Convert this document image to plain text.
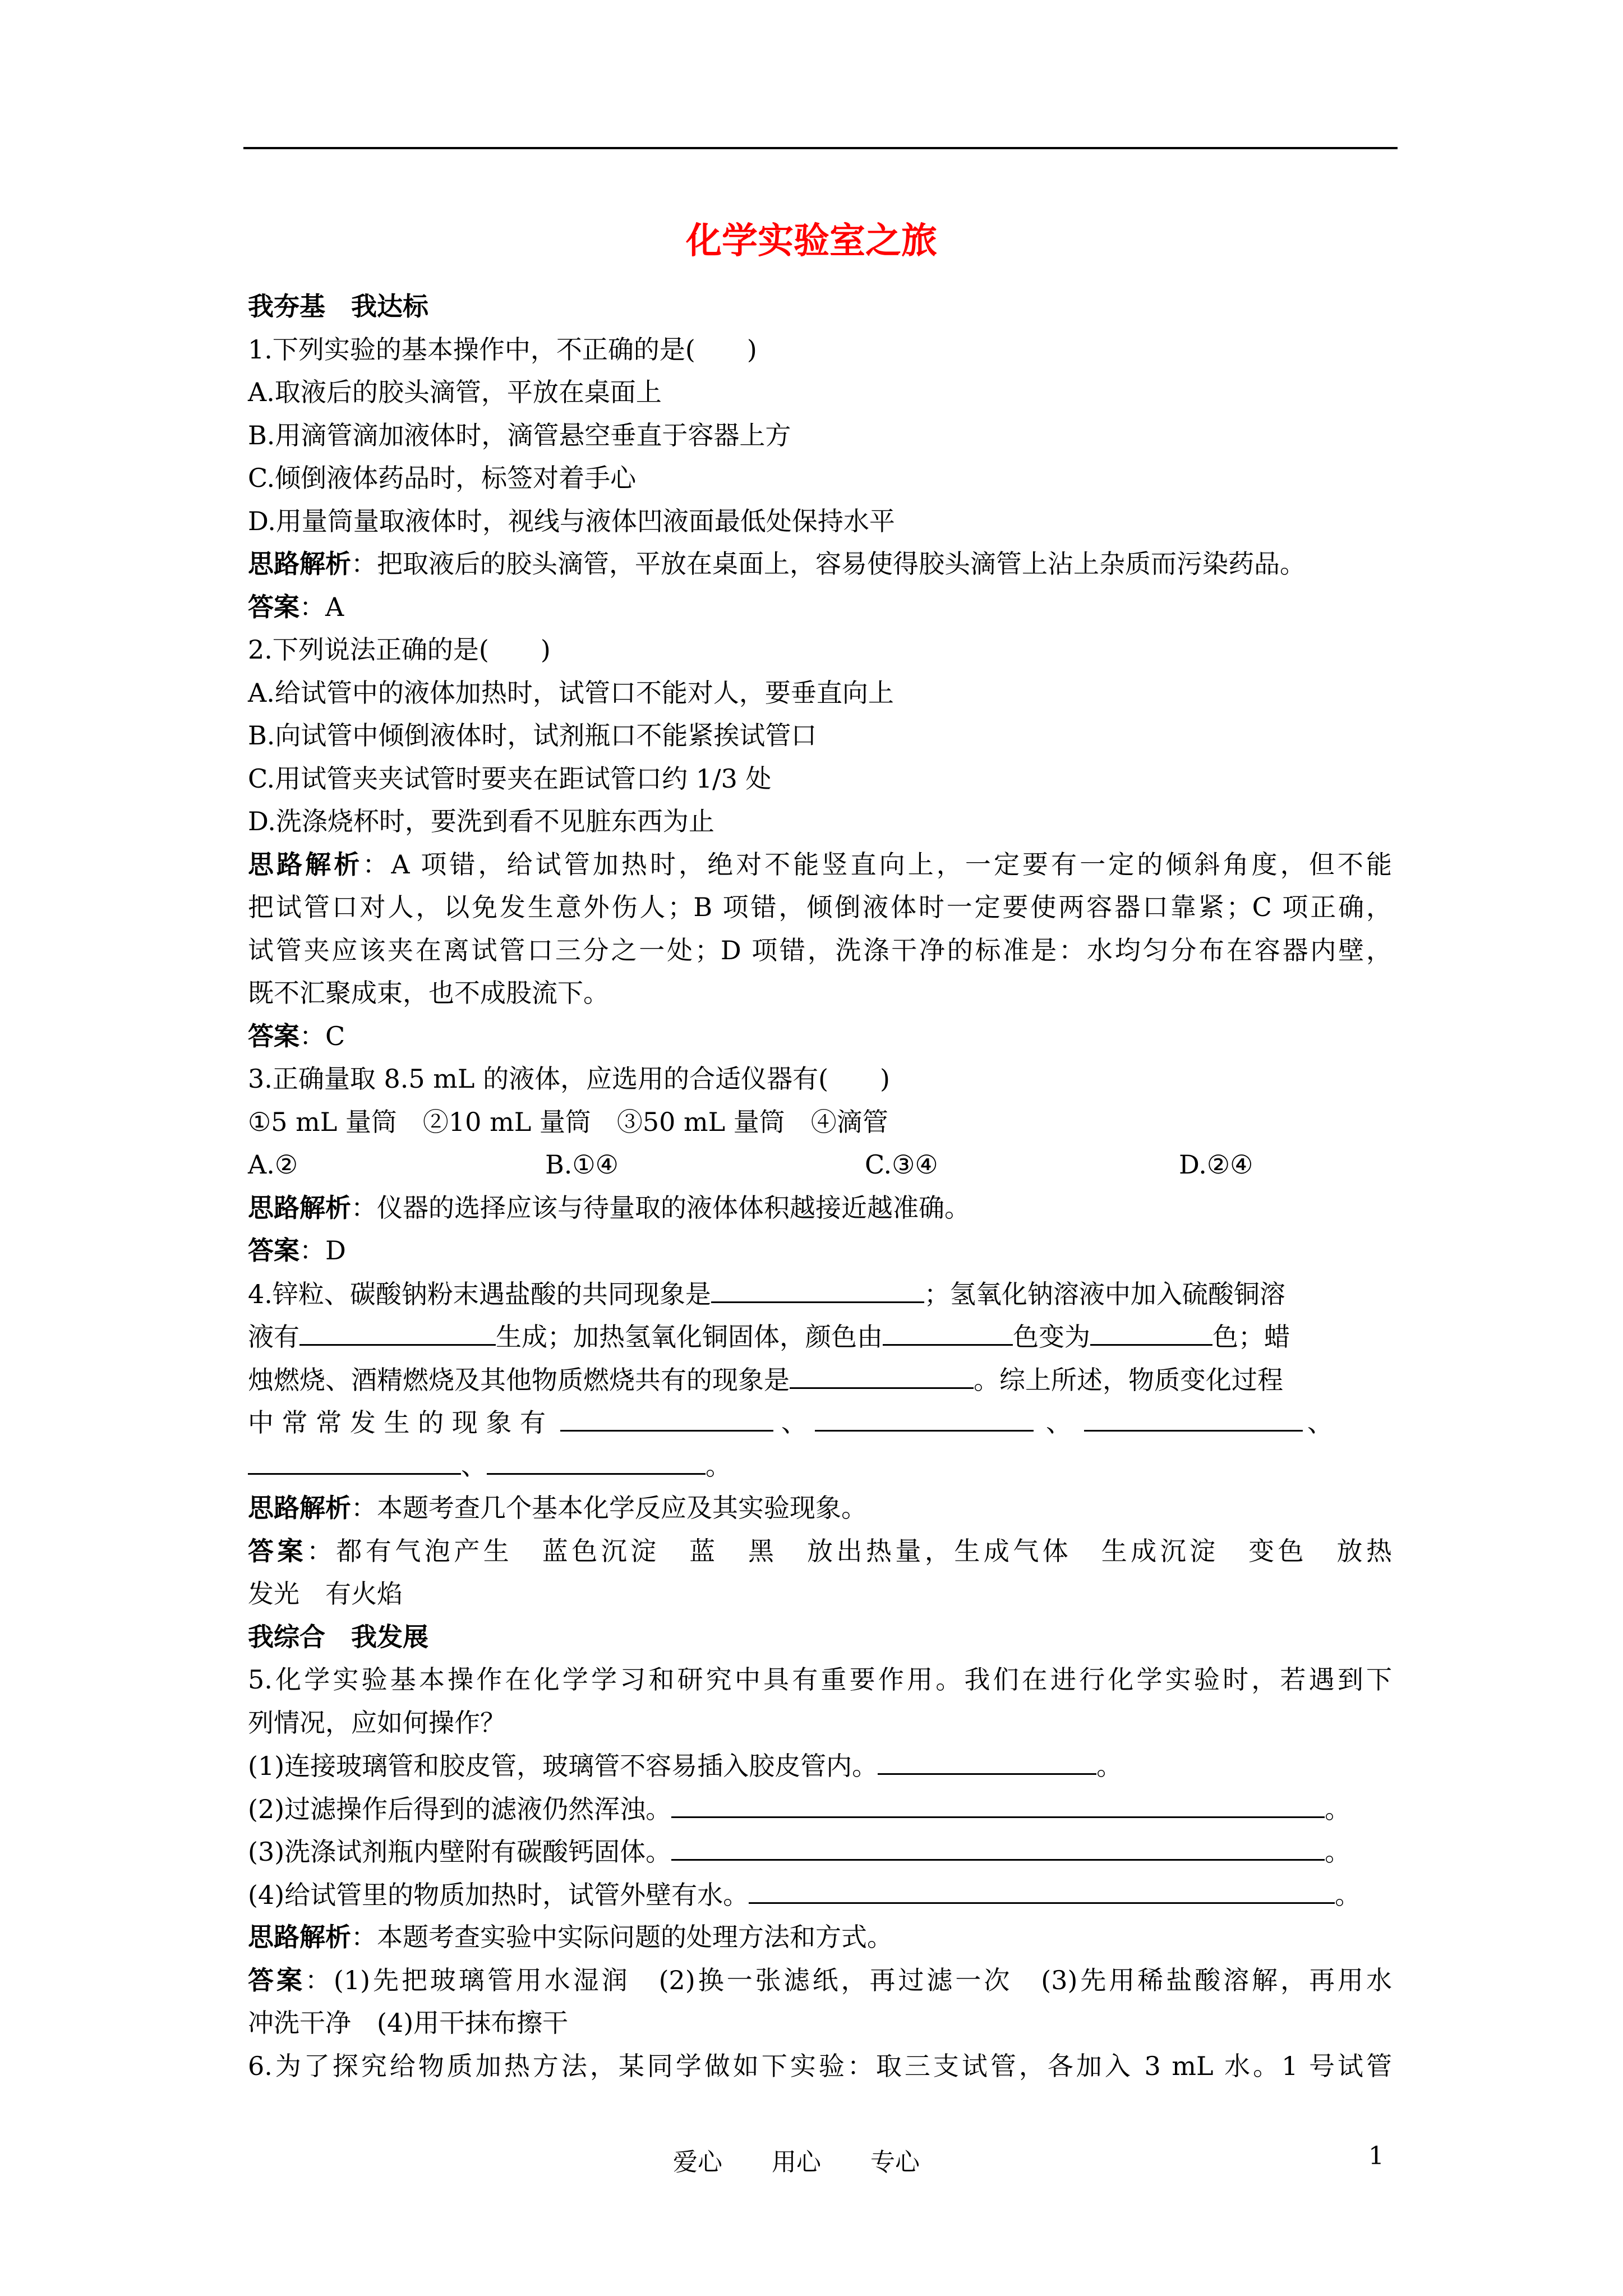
化学实验室之旅
我夯基　我达标
1.下列实验的基本操作中，不正确的是(　　)
A.取液后的胶头滴管，平放在桌面上
B.用滴管滴加液体时，滴管悬空垂直于容器上方
C.倾倒液体药品时，标签对着手心
D.用量筒量取液体时，视线与液体凹液面最低处保持水平
思路解析：把取液后的胶头滴管，平放在桌面上，容易使得胶头滴管上沾上杂质而污染药品。
答案：A
2.下列说法正确的是(　　)
A.给试管中的液体加热时，试管口不能对人，要垂直向上
B.向试管中倾倒液体时，试剂瓶口不能紧挨试管口
C.用试管夹夹试管时要夹在距试管口约 1/3 处
D.洗涤烧杯时，要洗到看不见脏东西为止
思路解析：A 项错，给试管加热时，绝对不能竖直向上，一定要有一定的倾斜角度，但不能
把试管口对人，以免发生意外伤人；B 项错，倾倒液体时一定要使两容器口靠紧；C 项正确，
试管夹应该夹在离试管口三分之一处；D 项错，洗涤干净的标准是：水均匀分布在容器内壁，
既不汇聚成束，也不成股流下。
答案：C
3.正确量取 8.5 mL 的液体，应选用的合适仪器有(　　)
①5 mL 量筒　②10 mL 量筒　③50 mL 量筒　④滴管
A.②	B.①④	C.③④	D.②④
思路解析：仪器的选择应该与待量取的液体体积越接近越准确。
答案：D
4.锌粒、碳酸钠粉末遇盐酸的共同现象是	；氢氧化钠溶液中加入硫酸铜溶
液有	生成；加热氢氧化铜固体，颜色由	色变为	色；蜡
烛燃烧、酒精燃烧及其他物质燃烧共有的现象是	。综上所述，物质变化过程
中 常 常 发 生 的 现 象 有	、	、	、
、	。
思路解析：本题考查几个基本化学反应及其实验现象。
答案：都有气泡产生　蓝色沉淀　蓝　黑　放出热量，生成气体　生成沉淀　变色　放热
发光　有火焰
我综合　我发展
5.化学实验基本操作在化学学习和研究中具有重要作用。我们在进行化学实验时，若遇到下
列情况，应如何操作？
(1)连接玻璃管和胶皮管，玻璃管不容易插入胶皮管内。	。
(2)过滤操作后得到的滤液仍然浑浊。	。
(3)洗涤试剂瓶内壁附有碳酸钙固体。	。
(4)给试管里的物质加热时，试管外壁有水。	。
思路解析：本题考查实验中实际问题的处理方法和方式。
答案：(1)先把玻璃管用水湿润　(2)换一张滤纸，再过滤一次　(3)先用稀盐酸溶解，再用水
冲洗干净　(4)用干抹布擦干
6.为了探究给物质加热方法，某同学做如下实验：取三支试管，各加入 3 mL 水。1 号试管
爱心　　用心　　专心	1
